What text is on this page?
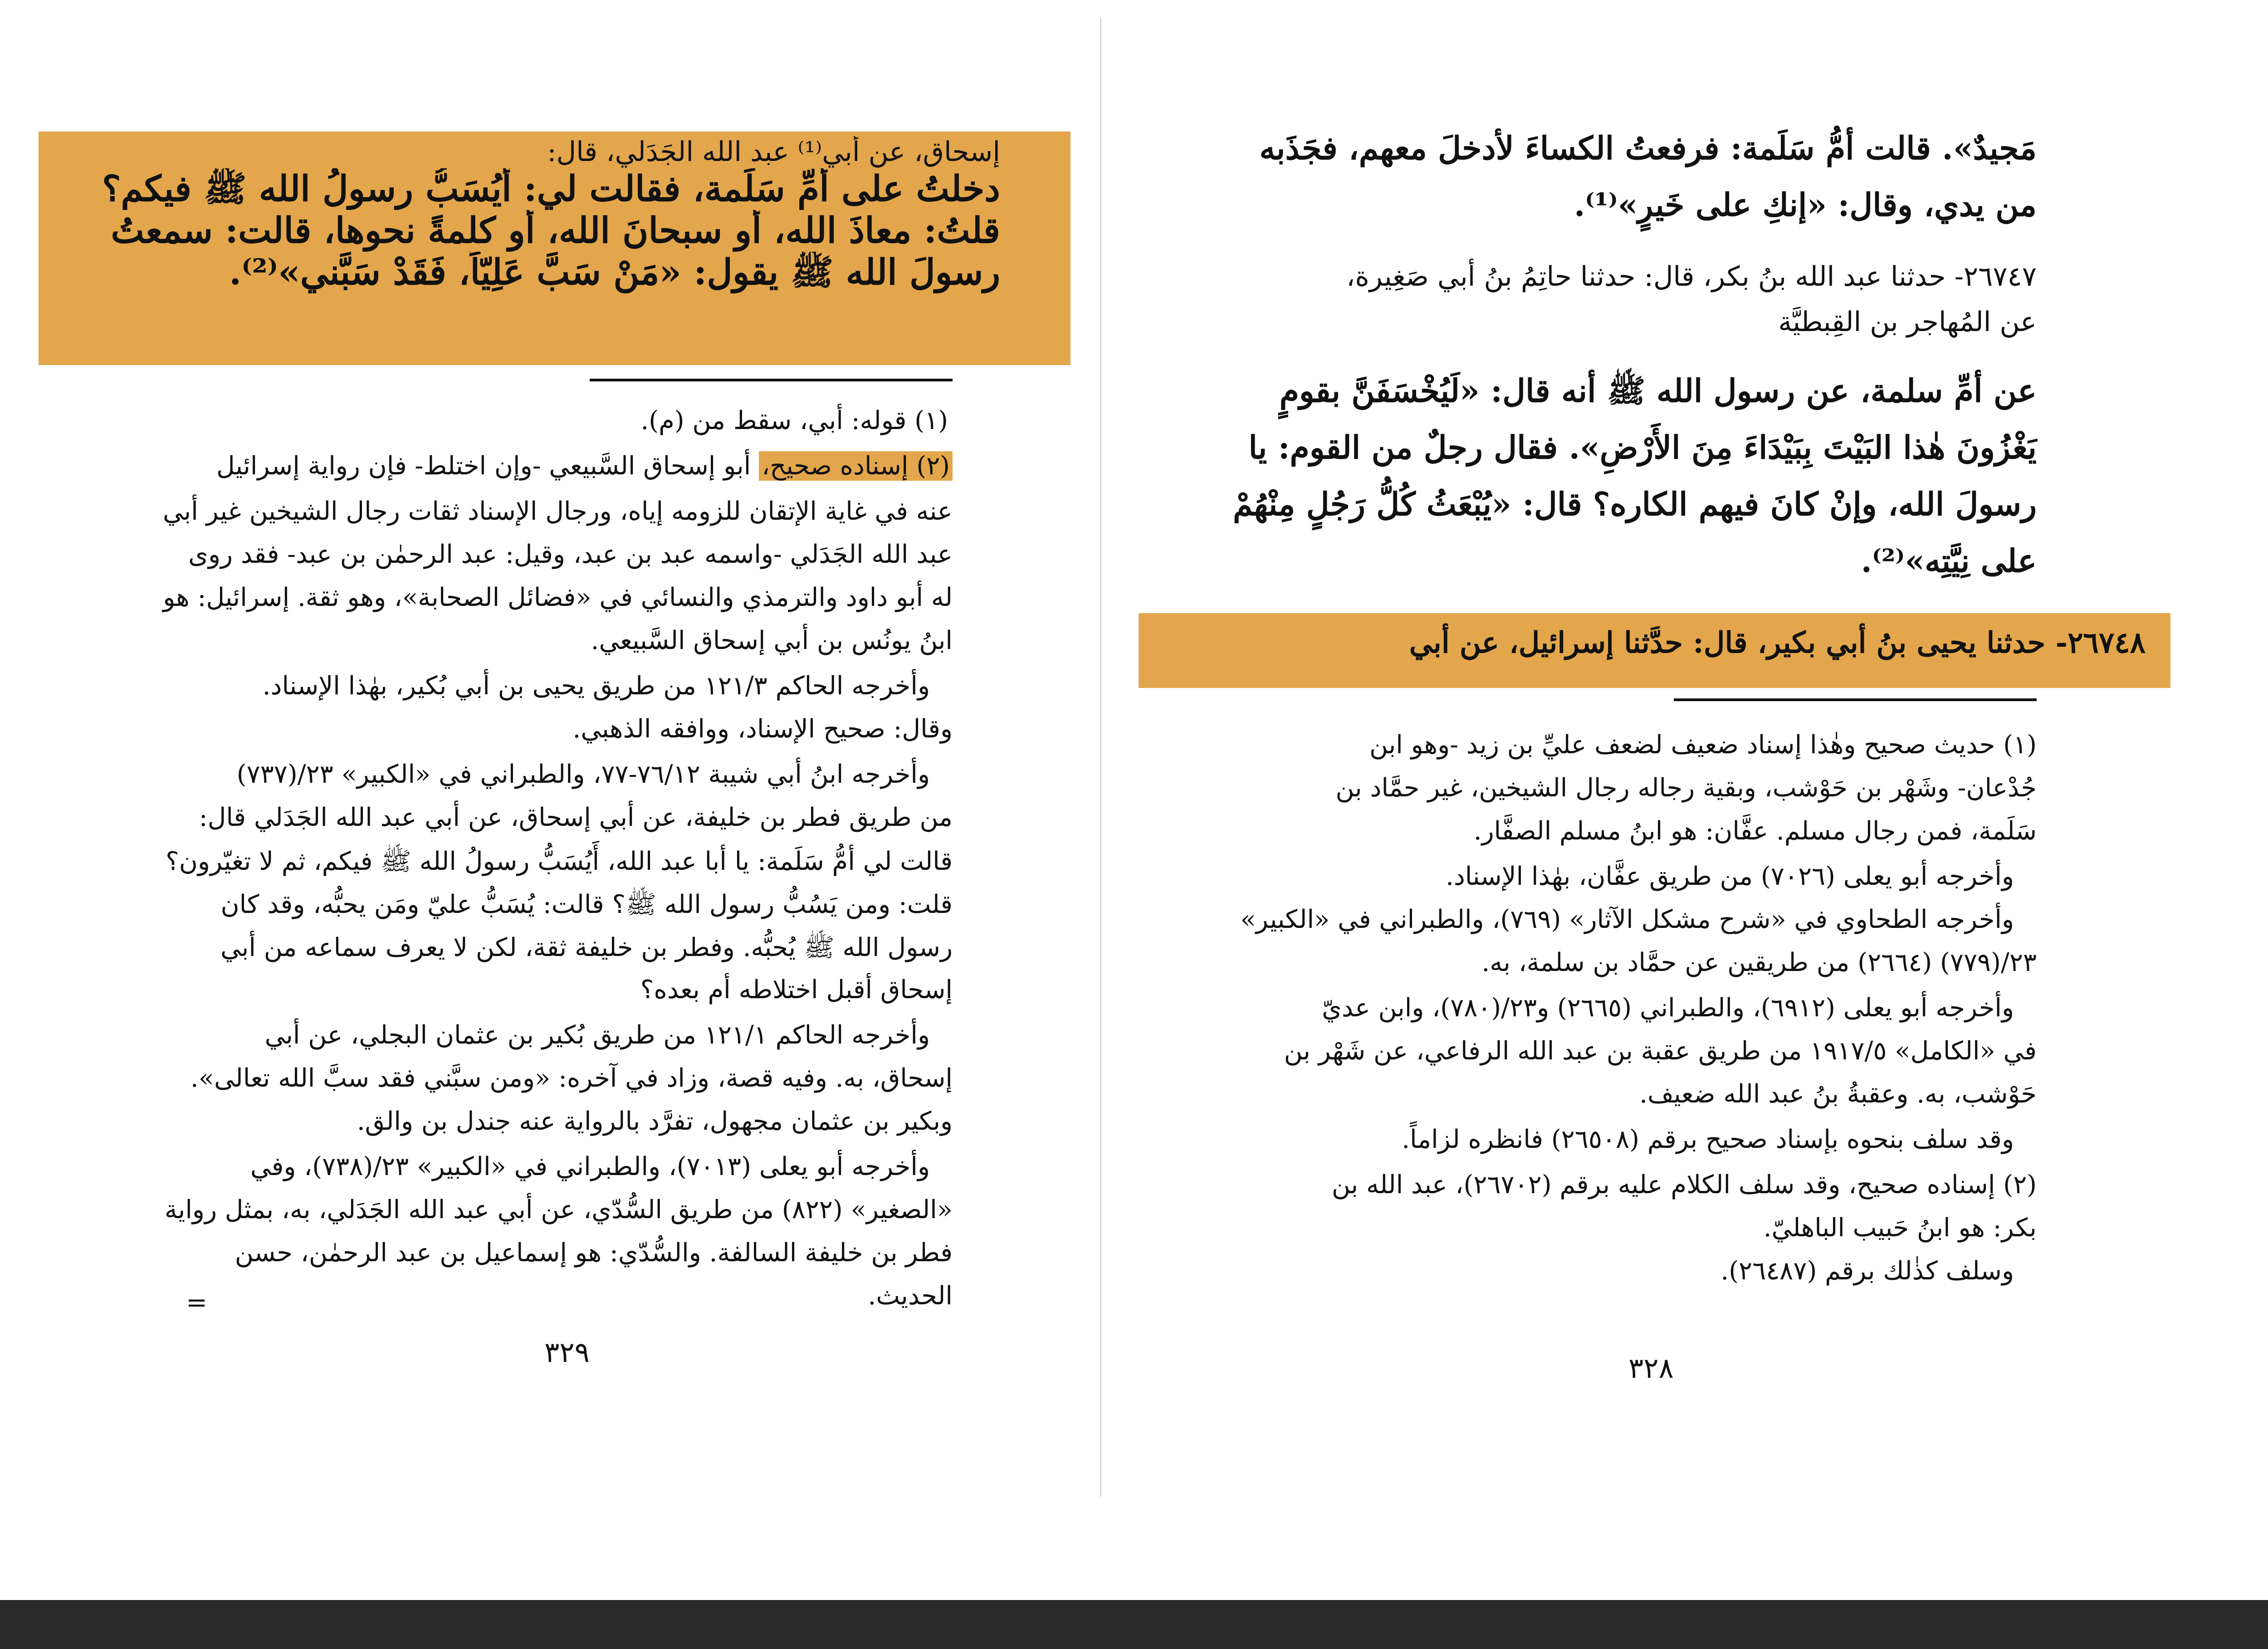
إسحاق، عن أبي⁽¹⁾ عبد الله الجَدَلي، قال:
دخلتُ على أمِّ سَلَمة، فقالت لي: أَيُسَبُّ رسولُ الله ﷺ فيكم؟
قلتُ: معاذَ الله، أو سبحانَ الله، أو كلمةً نحوها، قالت: سمعتُ
رسولَ الله ﷺ يقول: «مَنْ سَبَّ عَلِيّاً، فَقَدْ سَبَّني»⁽²⁾.
(١) قوله: أبي، سقط من (م).
(٢) إسناده صحيح، أبو إسحاق السَّبيعي -وإن اختلط- فإن رواية إسرائيل
عنه في غاية الإتقان للزومه إياه، ورجال الإسناد ثقات رجال الشيخين غير أبي
عبد الله الجَدَلي -واسمه عبد بن عبد، وقيل: عبد الرحمٰن بن عبد- فقد روى
له أبو داود والترمذي والنسائي في «فضائل الصحابة»، وهو ثقة. إسرائيل: هو
ابنُ يونُس بن أبي إسحاق السَّبيعي.
وأخرجه الحاكم ١٢١/٣ من طريق يحيى بن أبي بُكير، بهٰذا الإسناد.
وقال: صحيح الإسناد، ووافقه الذهبي.
وأخرجه ابنُ أبي شيبة ٧٦/١٢-٧٧، والطبراني في «الكبير» ٢٣/(٧٣٧)
من طريق فطر بن خليفة، عن أبي إسحاق، عن أبي عبد الله الجَدَلي قال:
قالت لي أمُّ سَلَمة: يا أبا عبد الله، أَيُسَبُّ رسولُ الله ﷺ فيكم، ثم لا تغيّرون؟
قلت: ومن يَسُبُّ رسول الله ﷺ؟ قالت: يُسَبُّ عليّ ومَن يحبُّه، وقد كان
رسول الله ﷺ يُحبُّه. وفطر بن خليفة ثقة، لكن لا يعرف سماعه من أبي
إسحاق أقبل اختلاطه أم بعده؟
وأخرجه الحاكم ١٢١/١ من طريق بُكير بن عثمان البجلي، عن أبي
إسحاق، به. وفيه قصة، وزاد في آخره: «ومن سبَّني فقد سبَّ الله تعالى».
وبكير بن عثمان مجهول، تفرَّد بالرواية عنه جندل بن والق.
وأخرجه أبو يعلى (٧٠١٣)، والطبراني في «الكبير» ٢٣/(٧٣٨)، وفي
«الصغير» (٨٢٢) من طريق السُّدّي، عن أبي عبد الله الجَدَلي، به، بمثل رواية
فطر بن خليفة السالفة. والسُّدّي: هو إسماعيل بن عبد الرحمٰن، حسن
الحديث.
=
٣٢٩
مَجيدٌ». قالت أمُّ سَلَمة: فرفعتُ الكساءَ لأدخلَ معهم، فجَذَبه
من يدي، وقال: «إنكِ على خَيرٍ»⁽¹⁾.
٢٦٧٤٧- حدثنا عبد الله بنُ بكر، قال: حدثنا حاتِمُ بنُ أبي صَغِيرة،
عن المُهاجر بن القِبطيَّة
عن أمِّ سلمة، عن رسول الله ﷺ أنه قال: «لَيُخْسَفَنَّ بقومٍ
يَغْزُونَ هٰذا البَيْتَ بِبَيْدَاءَ مِنَ الأَرْضِ». فقال رجلٌ من القوم: يا
رسولَ الله، وإنْ كانَ فيهم الكاره؟ قال: «يُبْعَثُ كُلُّ رَجُلٍ مِنْهُمْ
على نِيَّتِه»⁽²⁾.
٢٦٧٤٨- حدثنا يحيى بنُ أبي بكير، قال: حدَّثنا إسرائيل، عن أبي
(١) حديث صحيح وهٰذا إسناد ضعيف لضعف عليِّ بن زيد -وهو ابن
جُدْعان- وشَهْر بن حَوْشب، وبقية رجاله رجال الشيخين، غير حمَّاد بن
سَلَمة، فمن رجال مسلم. عفَّان: هو ابنُ مسلم الصفَّار.
وأخرجه أبو يعلى (٧٠٢٦) من طريق عفَّان، بهٰذا الإسناد.
وأخرجه الطحاوي في «شرح مشكل الآثار» (٧٦٩)، والطبراني في «الكبير»
٢٣/(٧٧٩) (٢٦٦٤) من طريقين عن حمَّاد بن سلمة، به.
وأخرجه أبو يعلى (٦٩١٢)، والطبراني (٢٦٦٥) و٢٣/(٧٨٠)، وابن عديّ
في «الكامل» ١٩١٧/٥ من طريق عقبة بن عبد الله الرفاعي، عن شَهْر بن
حَوْشب، به. وعقبةُ بنُ عبد الله ضعيف.
وقد سلف بنحوه بإسناد صحيح برقم (٢٦٥٠٨) فانظره لزاماً.
(٢) إسناده صحيح، وقد سلف الكلام عليه برقم (٢٦٧٠٢)، عبد الله بن
بكر: هو ابنُ حَبيب الباهليّ.
وسلف كذٰلك برقم (٢٦٤٨٧).
٣٢٨
